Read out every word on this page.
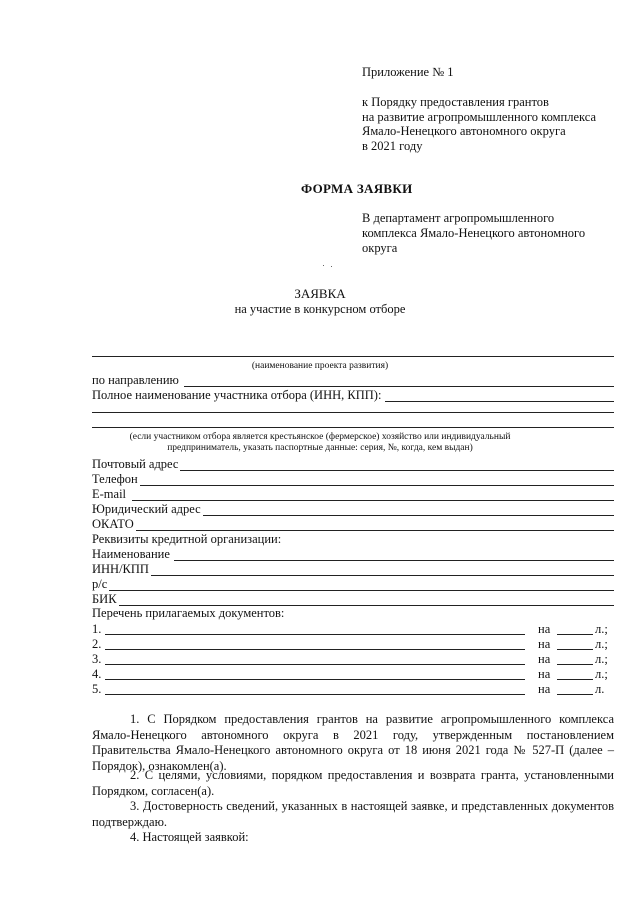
Приложение № 1
к Порядку предоставления грантов
на развитие агропромышленного комплекса
Ямало-Ненецкого автономного округа
в 2021 году
ФОРМА ЗАЯВКИ
В департамент агропромышленного
комплекса Ямало-Ненецкого автономного
округа
ЗАЯВКА
на участие в конкурсном отборе
(наименование проекта развития)
по направлению
Полное наименование участника отбора (ИНН, КПП):
(если участником отбора является крестьянское (фермерское) хозяйство или индивидуальный
предприниматель, указать паспортные данные: серия, №, когда, кем выдан)
Почтовый адрес
Телефон
E-mail
Юридический адрес
ОКАТО
Реквизиты кредитной организации:
Наименование
ИНН/КПП
р/с
БИК
Перечень прилагаемых документов:
1.	на	л.;
2.	на	л.;
3.	на	л.;
4.	на	л.;
5.	на	л.
1. С Порядком предоставления грантов на развитие агропромышленного комплекса Ямало-Ненецкого автономного округа в 2021 году, утвержденным постановлением Правительства Ямало-Ненецкого автономного округа от 18 июня 2021 года № 527-П (далее – Порядок), ознакомлен(а).
2. С целями, условиями, порядком предоставления и возврата гранта, установленными Порядком, согласен(а).
3. Достоверность сведений, указанных в настоящей заявке, и представленных документов подтверждаю.
4. Настоящей заявкой:
